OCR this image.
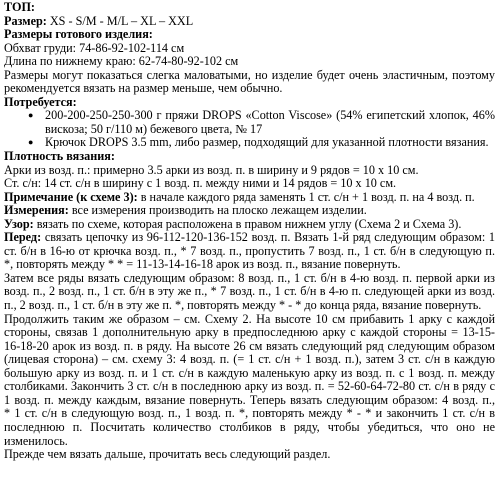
ТОП:

Размер: XS - S/M - M/L – XL – XXL

Размеры готового изделия:

Обхват груди: 74-86-92-102-114 см

Длина по нижнему краю: 62-74-80-92-102 см

Размеры могут показаться слегка маловатыми, но изделие будет очень эластичным, поэтому

рекомендуется вязать на размер меньше, чем обычно.

Потребуется:

● 200-200-250-250-300 г пряжи DROPS «Cotton Viscose» (54% египетский хлопок, 46%
вискоза; 50 г/110 м) бежевого цвета, № 17
● Крючок DROPS 3.5 mm, либо размер, подходящий для указанной плотности вязания.

Плотность вязания:

Арки из возд. п.: примерно 3.5 арки из возд. п. в ширину и 9 рядов = 10 x 10 см.

Ст. с/н: 14 ст. с/н в ширину с 1 возд. п. между ними и 14 рядов = 10 x 10 см.

Примечание (к схеме 3): в начале каждого ряда заменять 1 ст. с/н + 1 возд. п. на 4 возд. п.

Измерения: все измерения производить на плоско лежащем изделии.

Узор: вязать по схеме, которая расположена в правом нижнем углу (Схема 2 и Схема 3).

Перед: связать цепочку из 96-112-120-136-152 возд. п. Вязать 1-й ряд следующим образом: 1

ст. б/н в 16-ю от крючка возд. п., * 7 возд. п., пропустить 7 возд. п., 1 ст. б/н в следующую п.

*, повторять между * * = 11-13-14-16-18 арок из возд. п., вязание повернуть.

Затем все ряды вязать следующим образом: 8 возд. п., 1 ст. б/н в 4-ю возд. п. первой арки из

возд. п., 2 возд. п., 1 ст. б/н в эту же п., * 7 возд. п., 1 ст. б/н в 4-ю п. следующей арки из возд.

п., 2 возд. п., 1 ст. б/н в эту же п. *, повторять между * - * до конца ряда, вязание повернуть.

Продолжить таким же образом – см. Схему 2. На высоте 10 см прибавить 1 арку с каждой

стороны, связав 1 дополнительную арку в предпоследнюю арку с каждой стороны = 13-15-

16-18-20 арок из возд. п. в ряду. На высоте 26 см вязать следующий ряд следующим образом

(лицевая сторона) – см. схему 3: 4 возд. п. (= 1 ст. с/н + 1 возд. п.), затем 3 ст. с/н в каждую

большую арку из возд. п. и 1 ст. с/н в каждую маленькую арку из возд. п. с 1 возд. п. между

столбиками. Закончить 3 ст. с/н в последнюю арку из возд. п. = 52-60-64-72-80 ст. с/н в ряду с

1 возд. п. между каждым, вязание повернуть. Теперь вязать следующим образом: 4 возд. п.,

* 1 ст. с/н в следующую возд. п., 1 возд. п. *, повторять между * - * и закончить 1 ст. с/н в

последнюю п. Посчитать количество столбиков в ряду, чтобы убедиться, что оно не

изменилось.

Прежде чем вязать дальше, прочитать весь следующий раздел.
